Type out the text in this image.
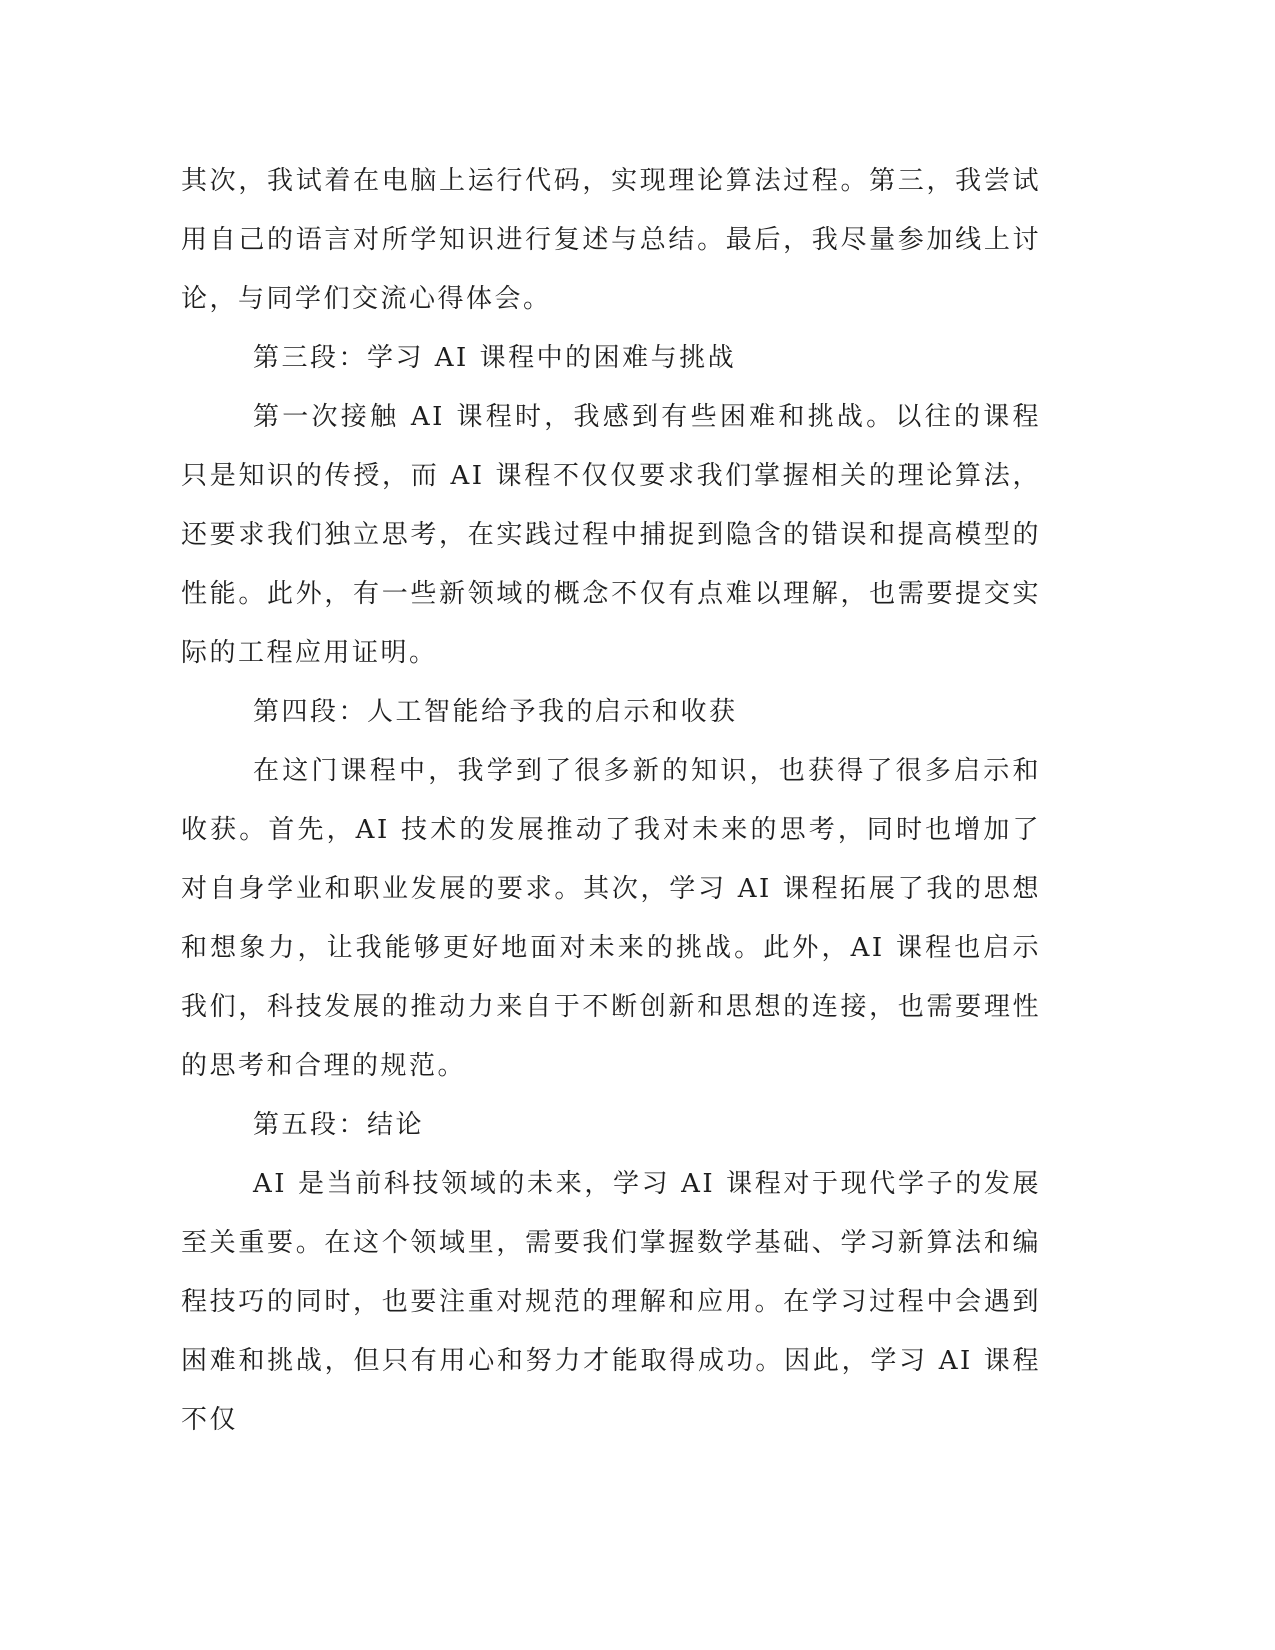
其次，我试着在电脑上运行代码，实现理论算法过程。第三，我尝试用自己的语言对所学知识进行复述与总结。最后，我尽量参加线上讨论，与同学们交流心得体会。

第三段：学习 AI 课程中的困难与挑战

第一次接触 AI 课程时，我感到有些困难和挑战。以往的课程只是知识的传授，而 AI 课程不仅仅要求我们掌握相关的理论算法，还要求我们独立思考，在实践过程中捕捉到隐含的错误和提高模型的性能。此外，有一些新领域的概念不仅有点难以理解，也需要提交实际的工程应用证明。

第四段：人工智能给予我的启示和收获

在这门课程中，我学到了很多新的知识，也获得了很多启示和收获。首先，AI 技术的发展推动了我对未来的思考，同时也增加了对自身学业和职业发展的要求。其次，学习 AI 课程拓展了我的思想和想象力，让我能够更好地面对未来的挑战。此外，AI 课程也启示我们，科技发展的推动力来自于不断创新和思想的连接，也需要理性的思考和合理的规范。

第五段：结论

AI 是当前科技领域的未来，学习 AI 课程对于现代学子的发展至关重要。在这个领域里，需要我们掌握数学基础、学习新算法和编程技巧的同时，也要注重对规范的理解和应用。在学习过程中会遇到困难和挑战，但只有用心和努力才能取得成功。因此，学习 AI 课程不仅
